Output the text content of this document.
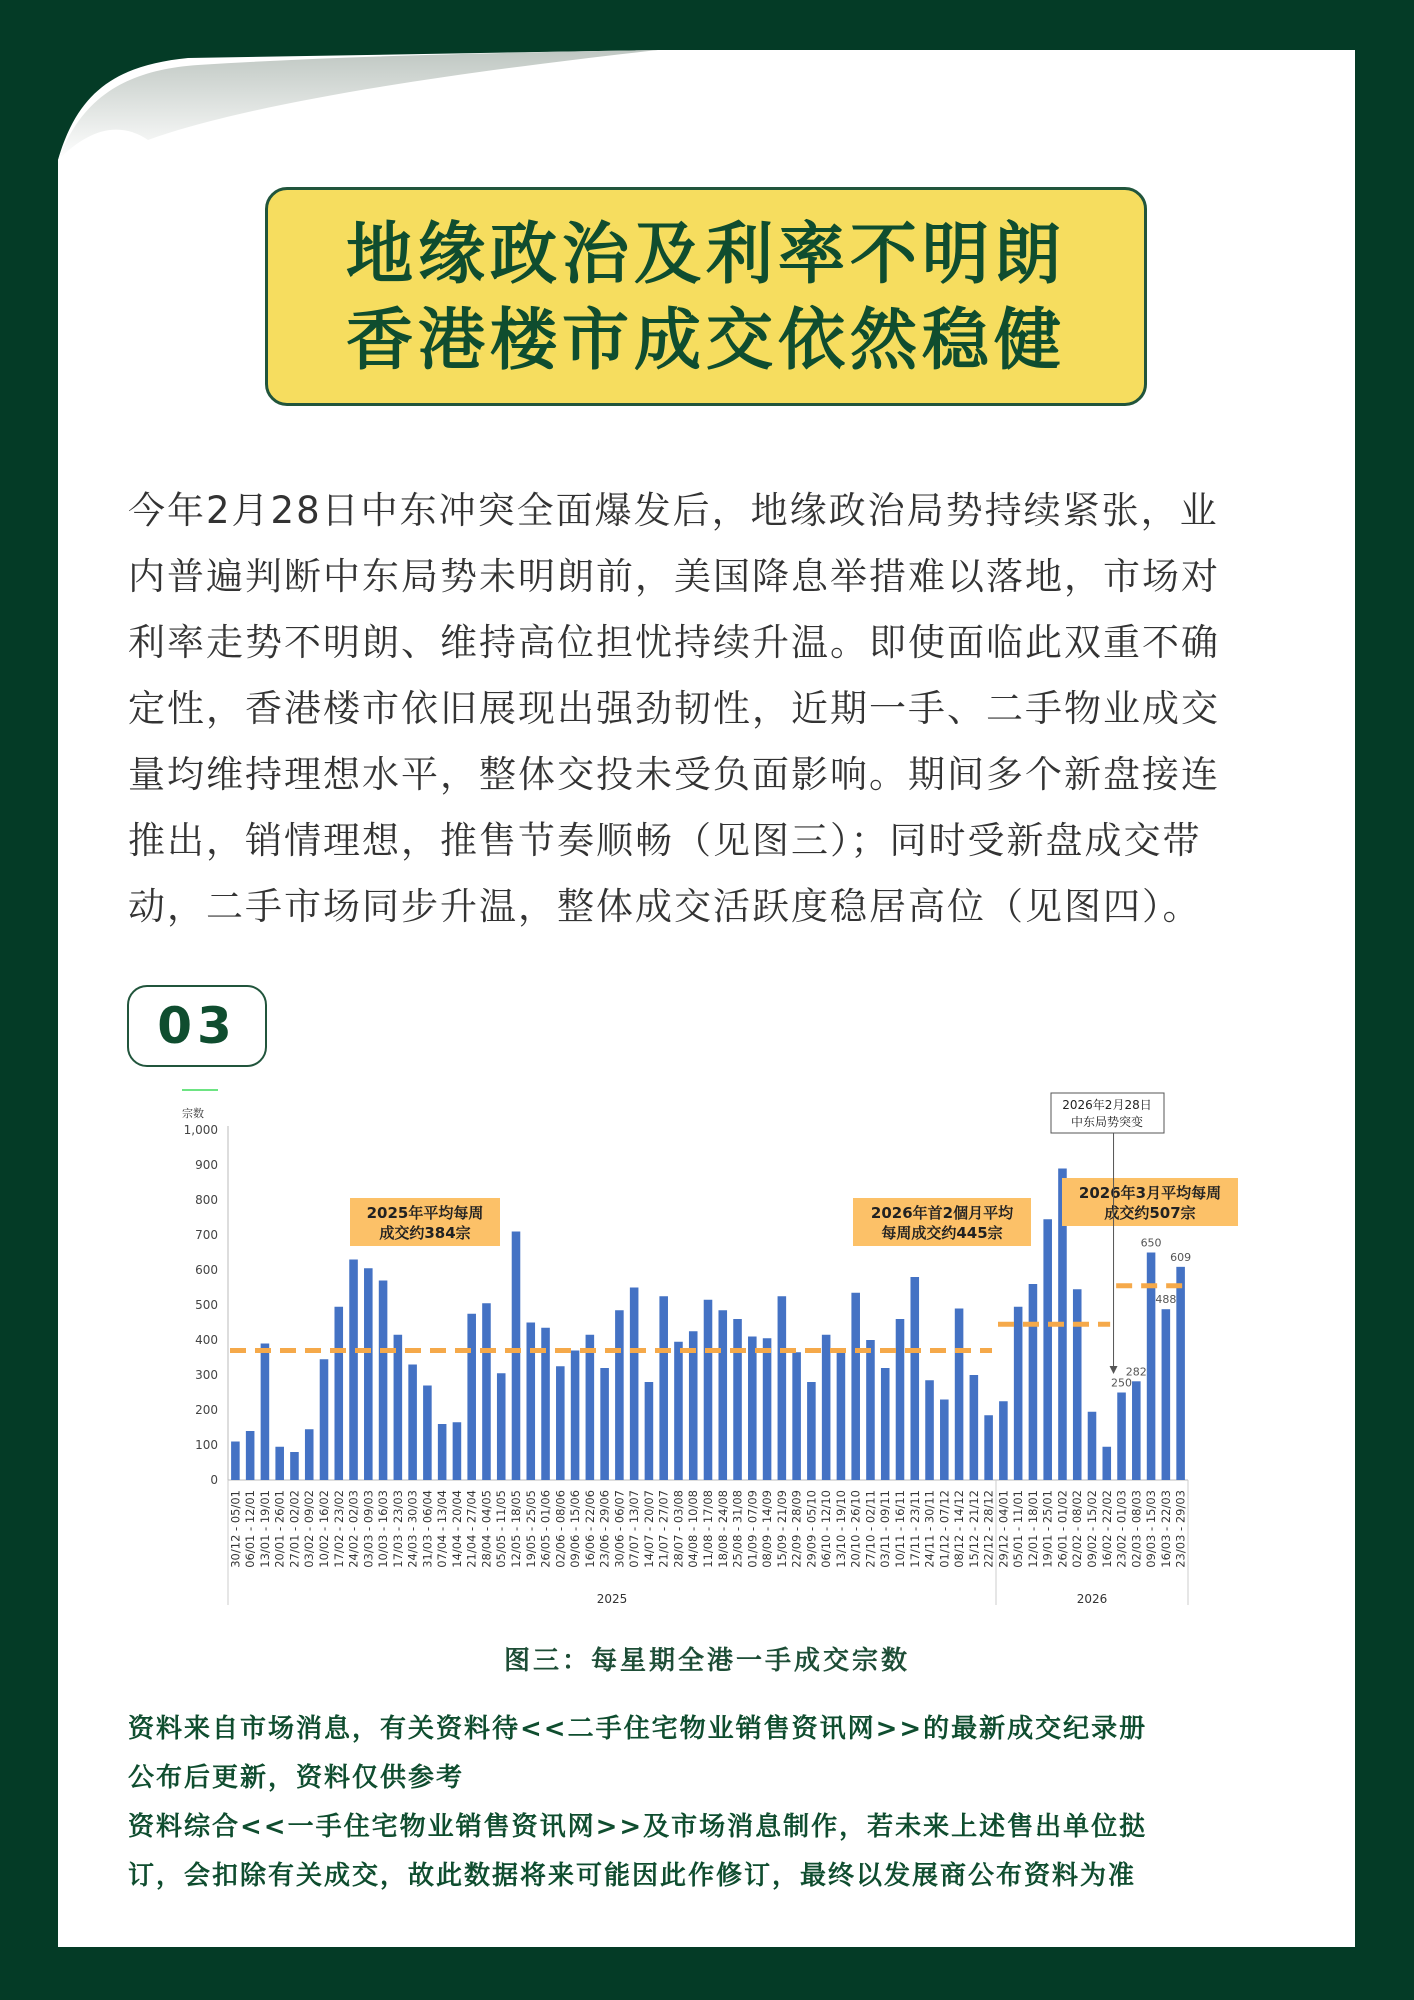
地缘政治及利率不明朗
香港楼市成交依然稳健
今年2月28日中东冲突全面爆发后，地缘政治局势持续紧张，业
内普遍判断中东局势未明朗前，美国降息举措难以落地，市场对
利率走势不明朗、维持高位担忧持续升温。即使面临此双重不确
定性，香港楼市依旧展现出强劲韧性，近期一手、二手物业成交
量均维持理想水平，整体交投未受负面影响。期间多个新盘接连
推出，销情理想，推售节奏顺畅（见图三）；同时受新盘成交带
动，二手市场同步升温，整体成交活跃度稳居高位（见图四）。
03
宗数
0
100
200
300
400
500
600
700
800
900
1,000
30/12 - 05/01 06/01 - 12/01 13/01 - 19/01 20/01 - 26/01 27/01 - 02/02 03/02 - 09/02 10/02 - 16/02 17/02 - 23/02 24/02 - 02/03 03/03 - 09/03 10/03 - 16/03 17/03 - 23/03 24/03 - 30/03 31/03 - 06/04 07/04 - 13/04 14/04 - 20/04 21/04 - 27/04 28/04 - 04/05 05/05 - 11/05 12/05 - 18/05 19/05 - 25/05 26/05 - 01/06 02/06 - 08/06 09/06 - 15/06 16/06 - 22/06 23/06 - 29/06 30/06 - 06/07 07/07 - 13/07 14/07 - 20/07 21/07 - 27/07 28/07 - 03/08 04/08 - 10/08 11/08 - 17/08 18/08 - 24/08 25/08 - 31/08 01/09 - 07/09 08/09 - 14/09 15/09 - 21/09 22/09 - 28/09 29/09 - 05/10 06/10 - 12/10 13/10 - 19/10 20/10 - 26/10 27/10 - 02/11 03/11 - 09/11 10/11 - 16/11 17/11 - 23/11 24/11 - 30/11 01/12 - 07/12 08/12 - 14/12 15/12 - 21/12 22/12 - 28/12 29/12 - 04/01 05/01 - 11/01 12/01 - 18/01 19/01 - 25/01 26/01 - 01/02 02/02 - 08/02 09/02 - 15/02 16/02 - 22/02 23/02 - 01/03 02/03 - 08/03 09/03 - 15/03 16/03 - 22/03 23/03 - 29/03
2025	2026
2025年平均每周
成交约384宗
2026年首2個月平均
每周成交约445宗
2026年3月平均每周
成交约507宗
2026年2月28日
中东局势突变
250
282
650
488
609
图三：每星期全港一手成交宗数
资料来自市场消息，有关资料待<<二手住宅物业销售资讯网>>的最新成交纪录册
公布后更新，资料仅供参考
资料综合<<一手住宅物业销售资讯网>>及市场消息制作，若未来上述售出单位挞
订，会扣除有关成交，故此数据将来可能因此作修订，最终以发展商公布资料为准
